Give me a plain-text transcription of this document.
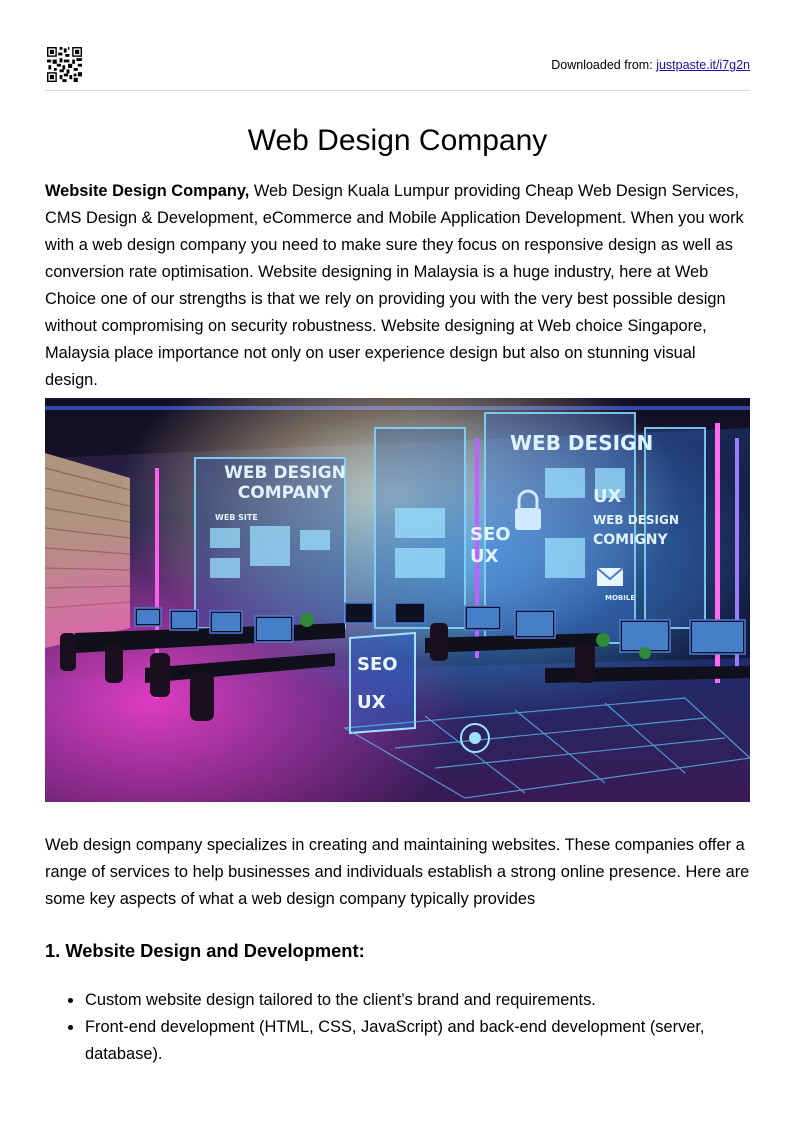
Downloaded from: justpaste.it/i7g2n
Web Design Company

Website Design Company, Web Design Kuala Lumpur providing Cheap Web Design Services, CMS Design & Development, eCommerce and Mobile Application Development. When you work with a web design company you need to make sure they focus on responsive design as well as conversion rate optimisation. Website designing in Malaysia is a huge industry, here at Web Choice one of our strengths is that we rely on providing you with the very best possible design without compromising on security robustness. Website designing at Web choice Singapore, Malaysia place importance not only on user experience design but also on stunning visual design.

WEB DESIGN
COMPANY
WEB SITE
WEB DESIGN
SEO
UX
UX
WEB DESIGN
COMIGNY
MOBILE
SEO
UX

Web design company specializes in creating and maintaining websites. These companies offer a range of services to help businesses and individuals establish a strong online presence. Here are some key aspects of what a web design company typically provides

1. Website Design and Development:
Custom website design tailored to the client’s brand and requirements.
Front-end development (HTML, CSS, JavaScript) and back-end development (server, database).
